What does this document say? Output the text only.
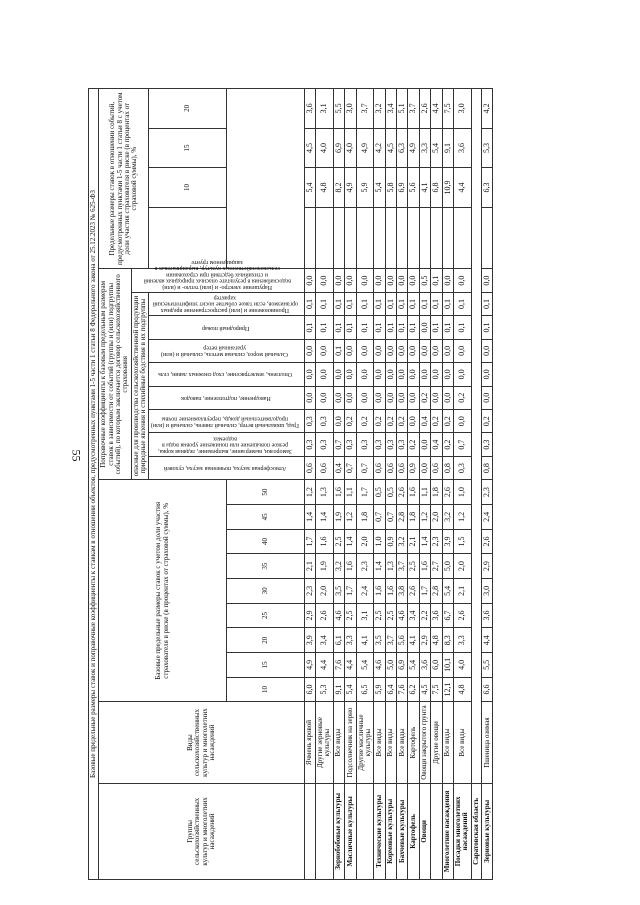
55 Базовые предельные размеры ставок и поправочные коэффициенты к ставкам в отношении объектов, предусмотренных пунктами 1-5 части 1 статьи 8 Федерального закона от 25.12.2023 № 625-ФЗ																							
Группы сельскохозяйственных культур и многолетних насаждений	Виды сельскохозяйственных культур и многолетних насаждений	Базовые предельные размеры ставок с учетом доли участия страхователя в риске (в процентах от страховой суммы), %									Поправочные коэффициенты к базовым предельным размерам ставок в зависимости от событий (группы и (или) подгруппы событий), по которым заключается договор сельскохозяйственного страхования									Предельные размеры ставок в отношении событий, предусмотренных пунктами 1-5 части 1 статьи 8 с учетом доли участия страхователя в риске (в процентах от страховой суммы), %			
											опасные для производства сельскохозяйственной продукции природные явления и стихийные бедствия в их подгруппы								Нарушение электро- и (или) тепло- и (или) водоснабжения в результате опасных природных явлений и стихийных бедствий при страховании сельскохозяйственных культур, выращиваемых в защищенном грунте				
											Атмосферная засуха, почвенная засуха, суховей	Заморозки, вымерзание, выпревание, ледяная корка, резкое повышение или понижение уровня воды в водоемах	Град, шквальный ветер, сильный ливень, сильный и (или) продолжительный дождь, переувлажнение почвы	Наводнение, подтопление, паводок	Оползень, землетрясение, сход снежных лавин, сель	Сильный мороз, сильная метель, сильный и (или) ураганный ветер	Природный пожар	Проникновение и (или) распространение вредных организмов, если такое событие носит эпифитотический характер			10	15	20
		10	15	20	25	30	35	40	45	50													
	Ячмень яровой	6,0	4,9	3,9	2,9	2,3	2,1	1,7	1,4	1,2	0,6	0,3	0,3	0,0	0,0	0,0	0,1	0,1	0,0		5,4	4,5	3,6
	Другие зерновые культуры	5,3	4,4	3,4	2,6	2,0	1,9	1,6	1,4	1,3	0,6	0,3	0,3	0,0	0,0	0,0	0,1	0,1	0,0		4,8	4,0	3,1
Зернобобовые культуры	Все виды	9,1	7,6	6,1	4,6	3,5	3,2	2,5	1,9	1,6	0,4	0,7	0,0	0,0	0,0	0,1	0,1	0,1	0,0		8,2	6,9	5,5
Масличные культуры	Подсолнечник на зерно	5,4	4,4	3,3	2,5	1,7	1,6	1,4	1,2	1,1	0,7	0,3	0,2	0,0	0,0	0,0	0,1	0,1	0,0		4,9	4,0	3,0
	Другие масличные культуры	6,5	5,4	4,1	3,1	2,4	2,3	2,0	1,8	1,7	0,7	0,3	0,2	0,0	0,0	0,0	0,1	0,1	0,0		5,9	4,9	3,7
Технические культуры	Все виды	5,9	4,6	3,5	2,5	1,6	1,4	1,0	0,7	0,5	0,6	0,3	0,2	0,0	0,0	0,0	0,1	0,1	0,0		5,4	4,2	3,2
Кормовые культуры	Все виды	6,4	5,0	3,7	2,5	1,6	1,3	0,9	0,7	0,5	0,6	0,3	0,2	0,0	0,0	0,0	0,1	0,1	0,0		5,8	4,5	3,4
Бахчевые культуры	Все виды	7,6	6,9	5,6	4,6	3,8	3,7	3,2	2,8	2,6	0,6	0,3	0,2	0,0	0,0	0,0	0,1	0,1	0,0		6,9	6,3	5,1
Картофель	Картофель	6,2	5,4	4,1	3,4	2,6	2,5	2,1	1,8	1,6	0,9	0,2	0,0	0,0	0,0	0,0	0,1	0,1	0,0		5,6	4,9	3,7
Овощи	Овощи закрытого грунта	4,5	3,6	2,9	2,2	1,7	1,6	1,4	1,2	1,1	0,0	0,0	0,4	0,2	0,0	0,0	0,0	0,1	0,5		4,1	3,3	2,6
	Другие овощи	7,5	6,0	4,8	3,6	2,8	2,7	2,3	2,0	1,8	0,6	0,4	0,2	0,0	0,0	0,0	0,1	0,1	0,1		6,8	5,4	4,4
Многолетние насаждения	Все виды	12,1	10,1	8,3	6,7	5,4	5,0	3,9	3,2	2,6	0,8	0,2	0,2	0,0	0,0	0,0	0,1	0,1	0,0		10,9	9,1	7,5
Посадки многолетних насаждений	Все виды	4,8	4,0	3,3	2,6	2,1	2,0	1,5	1,2	1,0	0,3	0,7	0,0	0,2	0,0	0,0	0,1	0,1	0,0		4,4	3,6	3,0
Саратовская область																							
Зерновые культуры	Пшеница озимая	6,6	5,5	4,4	3,6	3,0	2,9	2,6	2,4	2,3	0,8	0,3	0,2	0,0	0,0	0,0	0,1	0,1	0,0		6,3	5,3	4,2
